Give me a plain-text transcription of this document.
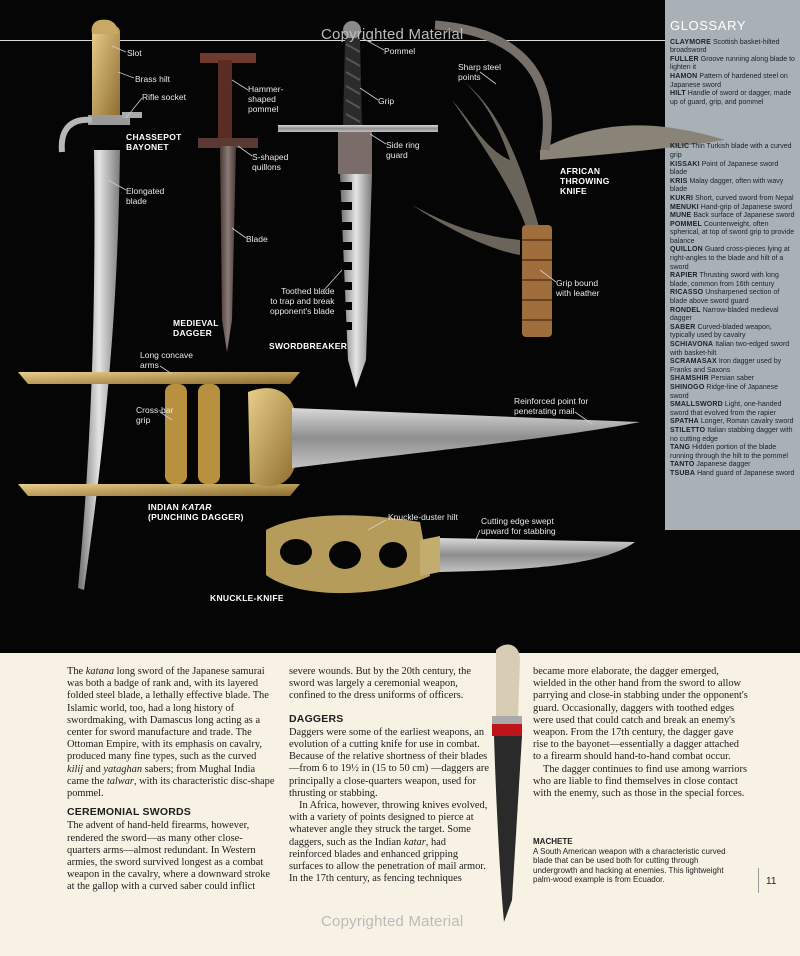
Copyrighted Material
Copyrighted Material
Slot
Brass hilt
Rifle socket
Elongated
blade
Hammer-
shaped
pommel
S-shaped
quillons
Blade
Pommel
Grip
Side ring
guard
Toothed blade
to trap and break
opponent's blade
Sharp steel
points
Grip bound
with leather
Long concave
arms
Cross-bar
grip
Reinforced point for
penetrating mail
Knuckle-duster hilt	Cutting edge swept
upward for stabbing
CHASSEPOT
BAYONET
MEDIEVAL
DAGGER
SWORDBREAKER
AFRICAN
THROWING
KNIFE
INDIAN KATAR
(PUNCHING DAGGER)
KNUCKLE-KNIFE
GLOSSARY
CLAYMORE Scottish basket-hilted broadsword
FULLER Groove running along blade to lighten it
HAMON Pattern of hardened steel on Japanese sword
HILT Handle of sword or dagger, made up of guard, grip, and pommel
KILIC Thin Turkish blade with a curved grip
KISSAKI Point of Japanese sword blade
KRIS Malay dagger, often with wavy blade
KUKRI Short, curved sword from Nepal
MENUKI Hand-grip of Japanese sword
MUNE Back surface of Japanese sword
POMMEL Counterweight, often spherical, at top of sword grip to provide balance
QUILLON Guard cross-pieces lying at right-angles to the blade and hilt of a sword
RAPIER Thrusting sword with long blade, common from 16th century
RICASSO Unsharpened section of blade above sword guard
RONDEL Narrow-bladed medieval dagger
SABER Curved-bladed weapon, typically used by cavalry
SCHIAVONA Italian two-edged sword with basket-hilt
SCRAMASAX Iron dagger used by Franks and Saxons
SHAMSHIR Persian saber
SHINOGO Ridge-line of Japanese sword
SMALLSWORD Light, one-handed sword that evolved from the rapier
SPATHA Longer, Roman cavalry sword
STILETTO Italian stabbing dagger with no cutting edge
TANG Hidden portion of the blade running through the hilt to the pommel
TANTO Japanese dagger
TSUBA Hand guard of Japanese sword

The katana long sword of the Japanese samurai was both a badge of rank and, with its layered folded steel blade, a lethally effective blade. The Islamic world, too, had a long history of swordmaking, with Damascus long acting as a center for sword manufacture and trade. The Ottoman Empire, with its emphasis on cavalry, produced many fine types, such as the curved kilij and yataghan sabers; from Mughal India came the talwar, with its characteristic disc-shape pommel.

CEREMONIAL SWORDS

The advent of hand-held firearms, however, rendered the sword—as many other close-quarters arms—almost redundant. In Western armies, the sword survived longest as a combat weapon in the cavalry, where a downward stroke at the gallop with a curved saber could inflict

severe wounds. But by the 20th century, the sword was largely a ceremonial weapon, confined to the dress uniforms of officers.

DAGGERS

Daggers were some of the earliest weapons, an evolution of a cutting knife for use in combat. Because of the relative shortness of their blades—from 6 to 19½ in (15 to 50 cm) —daggers are principally a close-quarters weapon, used for thrusting or stabbing.

In Africa, however, throwing knives evolved, with a variety of points designed to pierce at whatever angle they struck the target. Some daggers, such as the Indian katar, had reinforced blades and enhanced gripping surfaces to allow the penetration of mail armor. In the 17th century, as fencing techniques

became more elaborate, the dagger emerged, wielded in the other hand from the sword to allow parrying and close-in stabbing under the opponent's guard. Occasionally, daggers with toothed edges were used that could catch and break an enemy's weapon. From the 17th century, the dagger gave rise to the bayonet—essentially a dagger attached to a firearm should hand-to-hand combat occur.

The dagger continues to find use among warriors who are liable to find themselves in close contact with the enemy, such as those in the special forces.

MACHETE
A South American weapon with a characteristic curved blade that can be used both for cutting through undergrowth and hacking at enemies. This lightweight palm-wood example is from Ecuador.	11
